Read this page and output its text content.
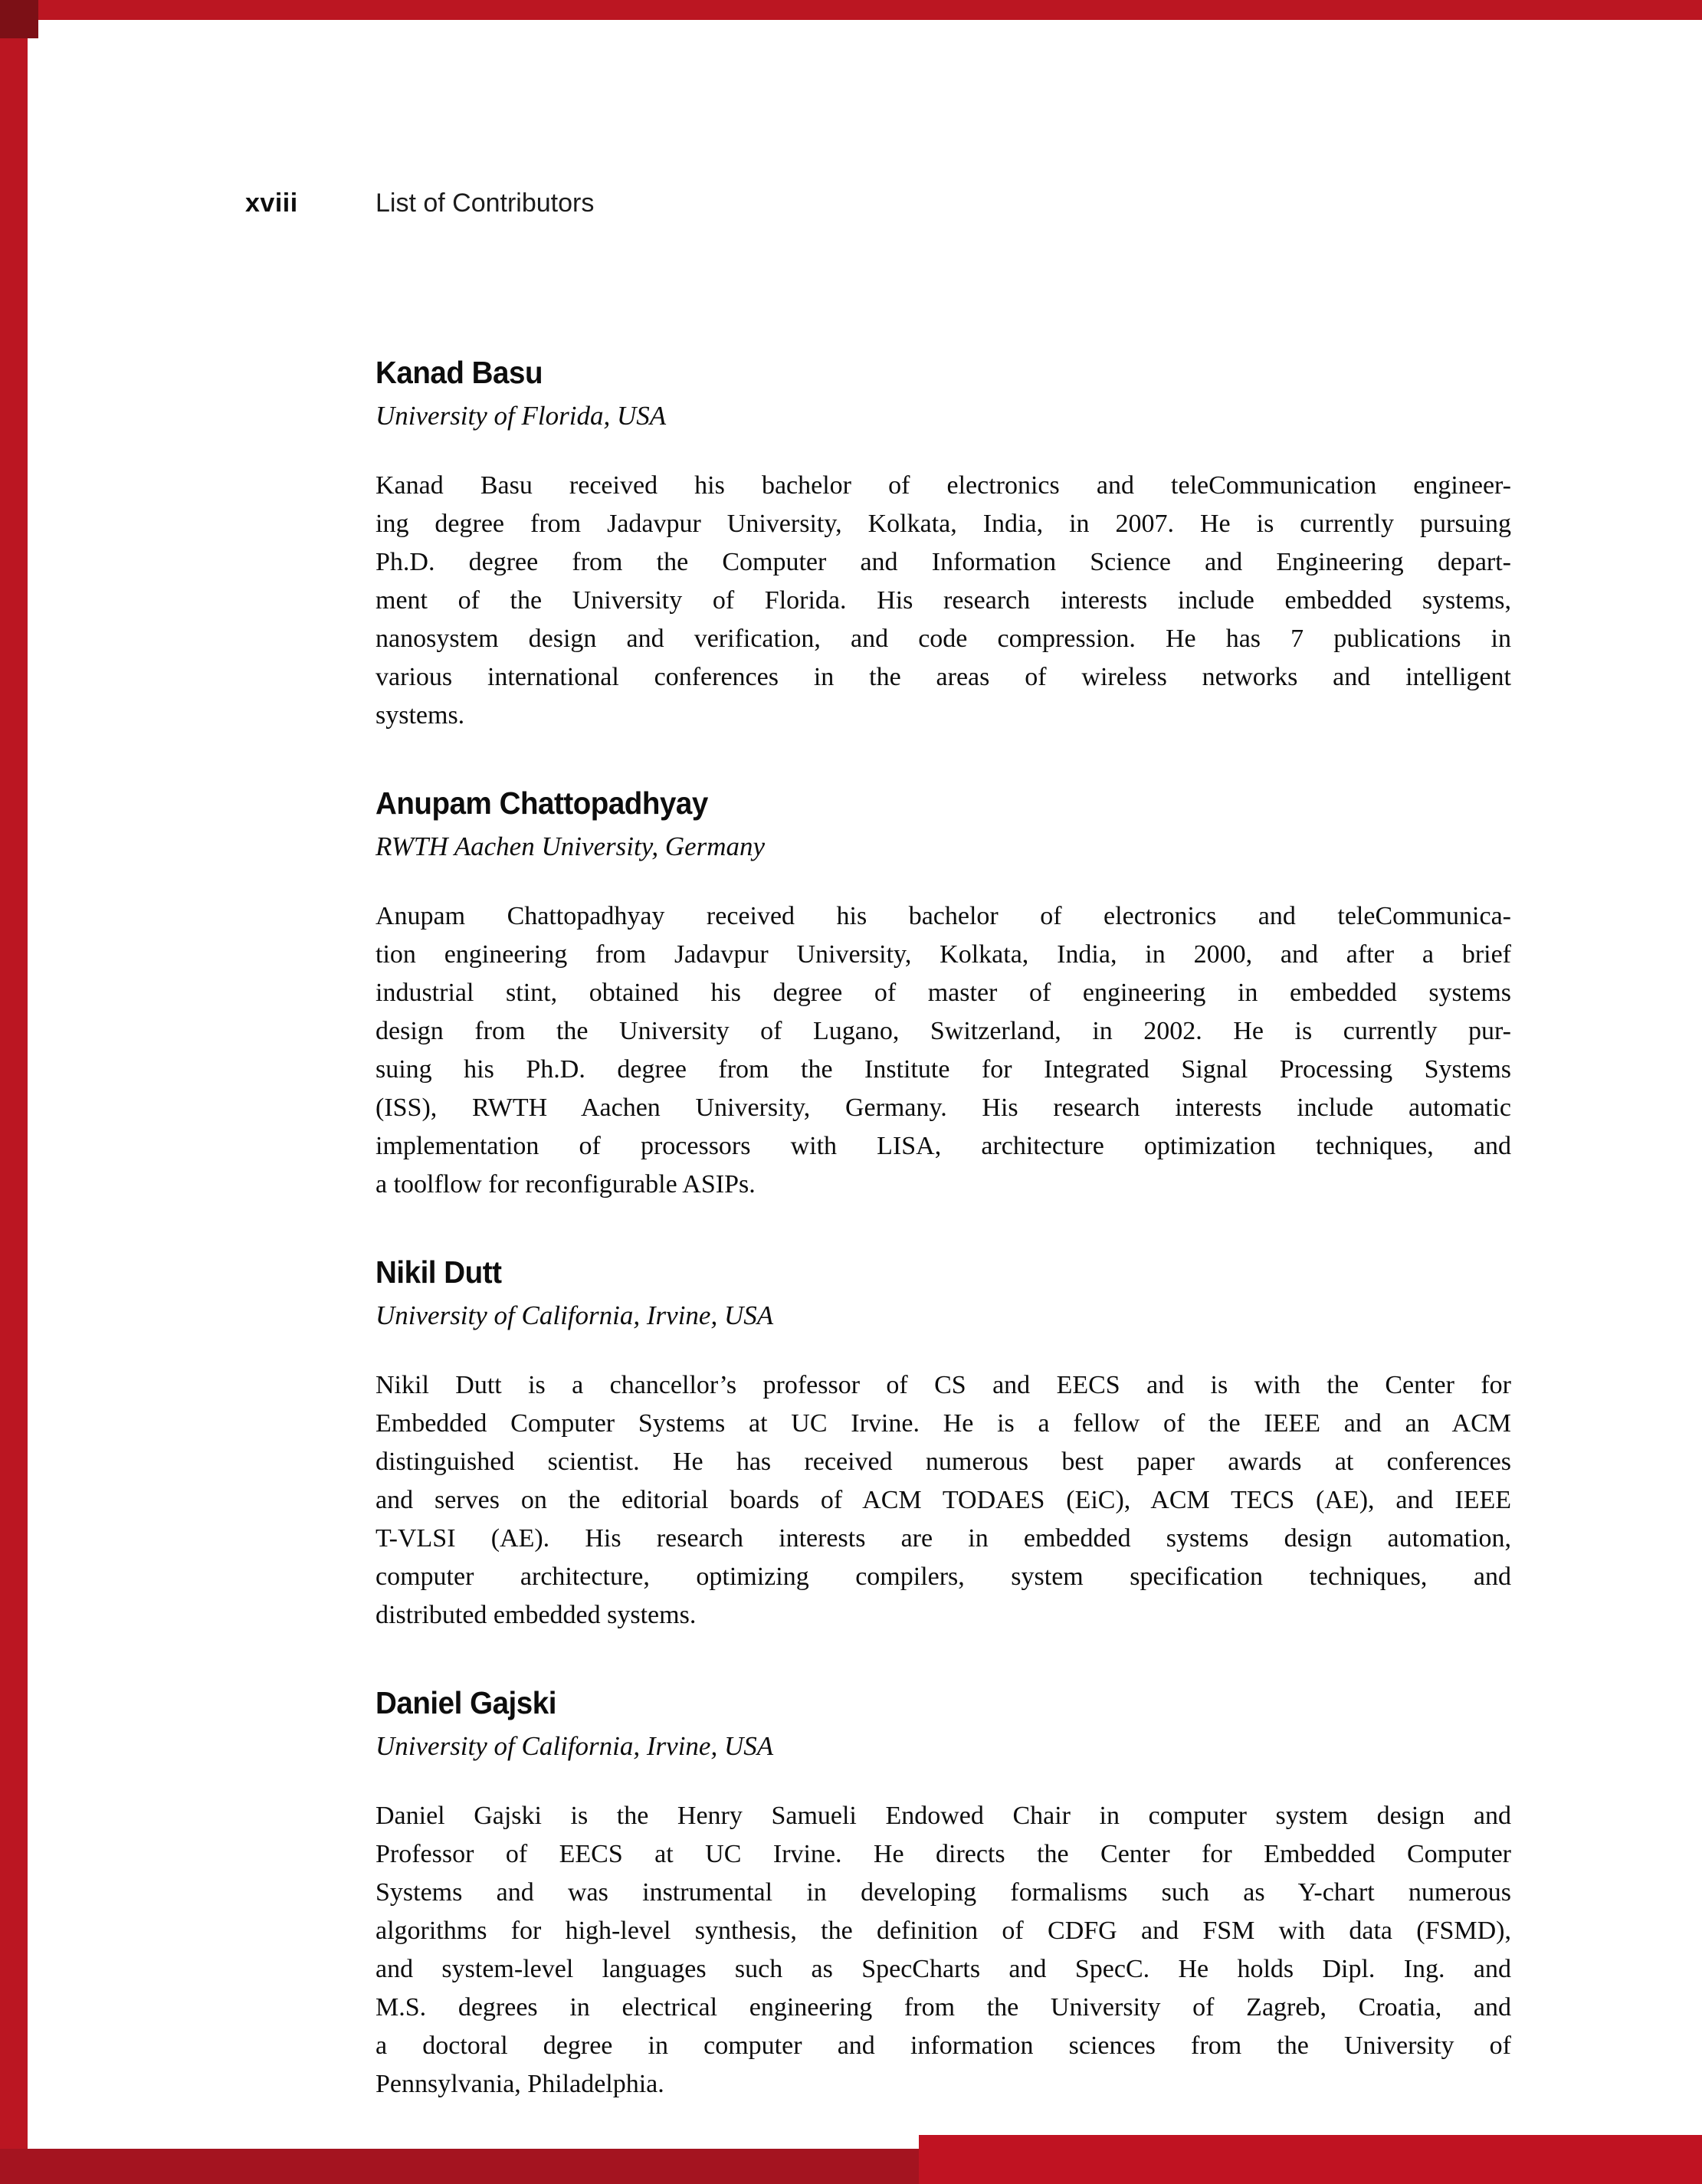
xviii	List of Contributors
Kanad Basu

University of Florida, USA

Kanad Basu received his bachelor of electronics and teleCommunication engineer-
ing degree from Jadavpur University, Kolkata, India, in 2007. He is currently pursuing
Ph.D. degree from the Computer and Information Science and Engineering depart-
ment of the University of Florida. His research interests include embedded systems,
nanosystem design and verification, and code compression. He has 7 publications in
various international conferences in the areas of wireless networks and intelligent
systems.
Anupam Chattopadhyay

RWTH Aachen University, Germany

Anupam Chattopadhyay received his bachelor of electronics and teleCommunica-
tion engineering from Jadavpur University, Kolkata, India, in 2000, and after a brief
industrial stint, obtained his degree of master of engineering in embedded systems
design from the University of Lugano, Switzerland, in 2002. He is currently pur-
suing his Ph.D. degree from the Institute for Integrated Signal Processing Systems
(ISS), RWTH Aachen University, Germany. His research interests include automatic
implementation of processors with LISA, architecture optimization techniques, and
a toolflow for reconfigurable ASIPs.
Nikil Dutt

University of California, Irvine, USA

Nikil Dutt is a chancellor’s professor of CS and EECS and is with the Center for
Embedded Computer Systems at UC Irvine. He is a fellow of the IEEE and an ACM
distinguished scientist. He has received numerous best paper awards at conferences
and serves on the editorial boards of ACM TODAES (EiC), ACM TECS (AE), and IEEE
T-VLSI (AE). His research interests are in embedded systems design automation,
computer architecture, optimizing compilers, system specification techniques, and
distributed embedded systems.
Daniel Gajski

University of California, Irvine, USA

Daniel Gajski is the Henry Samueli Endowed Chair in computer system design and
Professor of EECS at UC Irvine. He directs the Center for Embedded Computer
Systems and was instrumental in developing formalisms such as Y-chart numerous
algorithms for high-level synthesis, the definition of CDFG and FSM with data (FSMD),
and system-level languages such as SpecCharts and SpecC. He holds Dipl. Ing. and
M.S. degrees in electrical engineering from the University of Zagreb, Croatia, and
a doctoral degree in computer and information sciences from the University of
Pennsylvania, Philadelphia.
